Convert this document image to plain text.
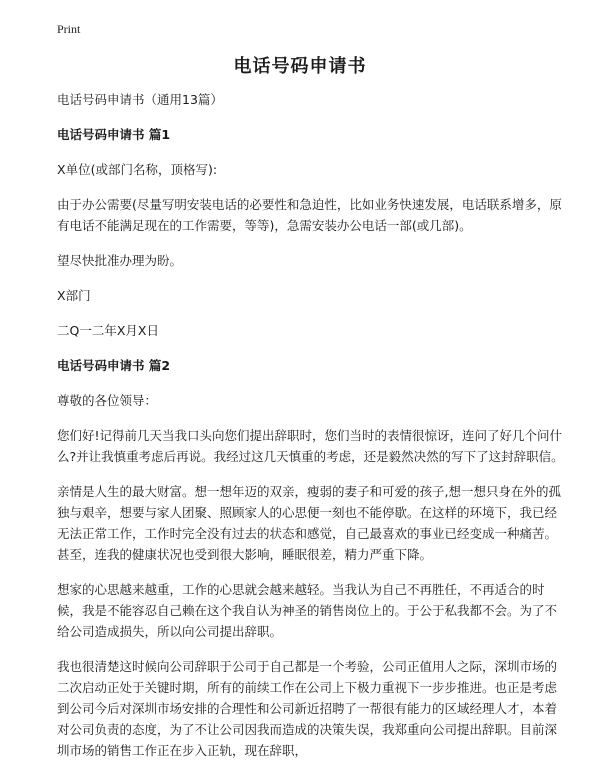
Print
电话号码申请书

电话号码申请书（通用13篇）

电话号码申请书 篇1

X单位(或部门名称，顶格写):

由于办公需要(尽量写明安装电话的必要性和急迫性，比如业务快速发展，电话联系增多，原有电话不能满足现在的工作需要，等等)，急需安装办公电话一部(或几部)。

望尽快批准办理为盼。

X部门

二Q一二年X月X日

电话号码申请书 篇2

尊敬的各位领导：

您们好!记得前几天当我口头向您们提出辞职时，您们当时的表情很惊讶，连问了好几个问什么?并让我慎重考虑后再说。我经过这几天慎重的考虑，还是毅然决然的写下了这封辞职信。

亲情是人生的最大财富。想一想年迈的双亲，瘦弱的妻子和可爱的孩子,想一想只身在外的孤独与艰辛，想要与家人团聚、照顾家人的心思便一刻也不能停歇。在这样的环境下，我已经无法正常工作，工作时完全没有过去的状态和感觉，自己最喜欢的事业已经变成一种痛苦。甚至，连我的健康状况也受到很大影响，睡眠很差，精力严重下降。

想家的心思越来越重，工作的心思就会越来越轻。当我认为自己不再胜任，不再适合的时候，我是不能容忍自己赖在这个我自认为神圣的销售岗位上的。于公于私我都不会。为了不给公司造成损失，所以向公司提出辞职。

我也很清楚这时候向公司辞职于公司于自己都是一个考验，公司正值用人之际，深圳市场的二次启动正处于关键时期，所有的前续工作在公司上下极力重视下一步步推进。也正是考虑到公司今后对深圳市场安排的合理性和公司新近招聘了一帮很有能力的区域经理人才，本着对公司负责的态度，为了不让公司因我而造成的决策失误，我郑重向公司提出辞职。目前深圳市场的销售工作正在步入正轨，现在辞职，
